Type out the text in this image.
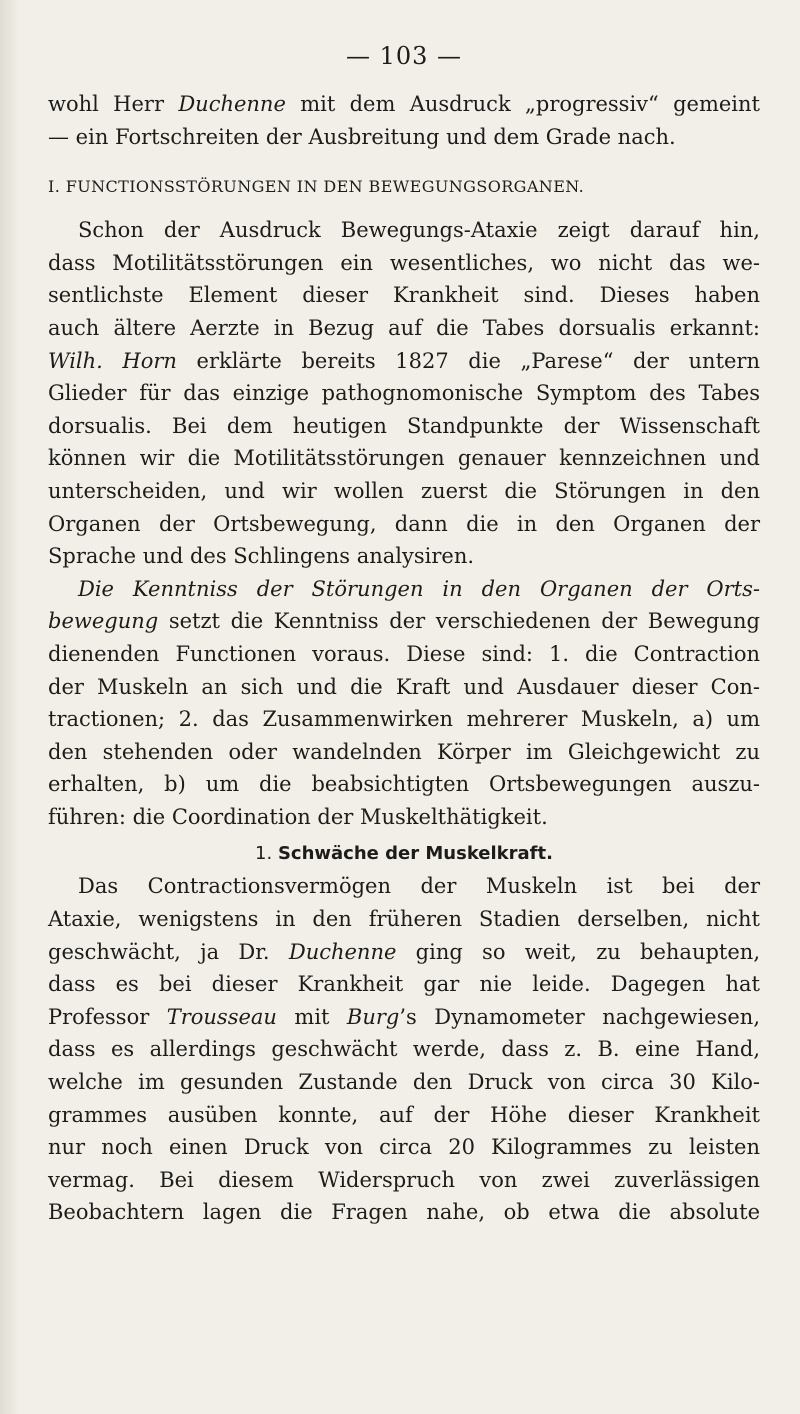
— 103 —
wohl Herr Duchenne mit dem Ausdruck „progressiv“ gemeint
— ein Fortschreiten der Ausbreitung und dem Grade nach.
I. FUNCTIONSSTÖRUNGEN IN DEN BEWEGUNGSORGANEN.
Schon der Ausdruck Bewegungs-Ataxie zeigt darauf hin,
dass Motilitätsstörungen ein wesentliches, wo nicht das we-
sentlichste Element dieser Krankheit sind. Dieses haben
auch ältere Aerzte in Bezug auf die Tabes dorsualis erkannt:
Wilh. Horn erklärte bereits 1827 die „Parese“ der untern
Glieder für das einzige pathognomonische Symptom des Tabes
dorsualis. Bei dem heutigen Standpunkte der Wissenschaft
können wir die Motilitätsstörungen genauer kennzeichnen und
unterscheiden, und wir wollen zuerst die Störungen in den
Organen der Ortsbewegung, dann die in den Organen der
Sprache und des Schlingens analysiren.
Die Kenntniss der Störungen in den Organen der Orts-
bewegung setzt die Kenntniss der verschiedenen der Bewegung
dienenden Functionen voraus. Diese sind: 1. die Contraction
der Muskeln an sich und die Kraft und Ausdauer dieser Con-
tractionen; 2. das Zusammenwirken mehrerer Muskeln, a) um
den stehenden oder wandelnden Körper im Gleichgewicht zu
erhalten, b) um die beabsichtigten Ortsbewegungen auszu-
führen: die Coordination der Muskelthätigkeit.
1. Schwäche der Muskelkraft.
Das Contractionsvermögen der Muskeln ist bei der
Ataxie, wenigstens in den früheren Stadien derselben, nicht
geschwächt, ja Dr. Duchenne ging so weit, zu behaupten,
dass es bei dieser Krankheit gar nie leide. Dagegen hat
Professor Trousseau mit Burg’s Dynamometer nachgewiesen,
dass es allerdings geschwächt werde, dass z. B. eine Hand,
welche im gesunden Zustande den Druck von circa 30 Kilo-
grammes ausüben konnte, auf der Höhe dieser Krankheit
nur noch einen Druck von circa 20 Kilogrammes zu leisten
vermag. Bei diesem Widerspruch von zwei zuverlässigen
Beobachtern lagen die Fragen nahe, ob etwa die absolute
